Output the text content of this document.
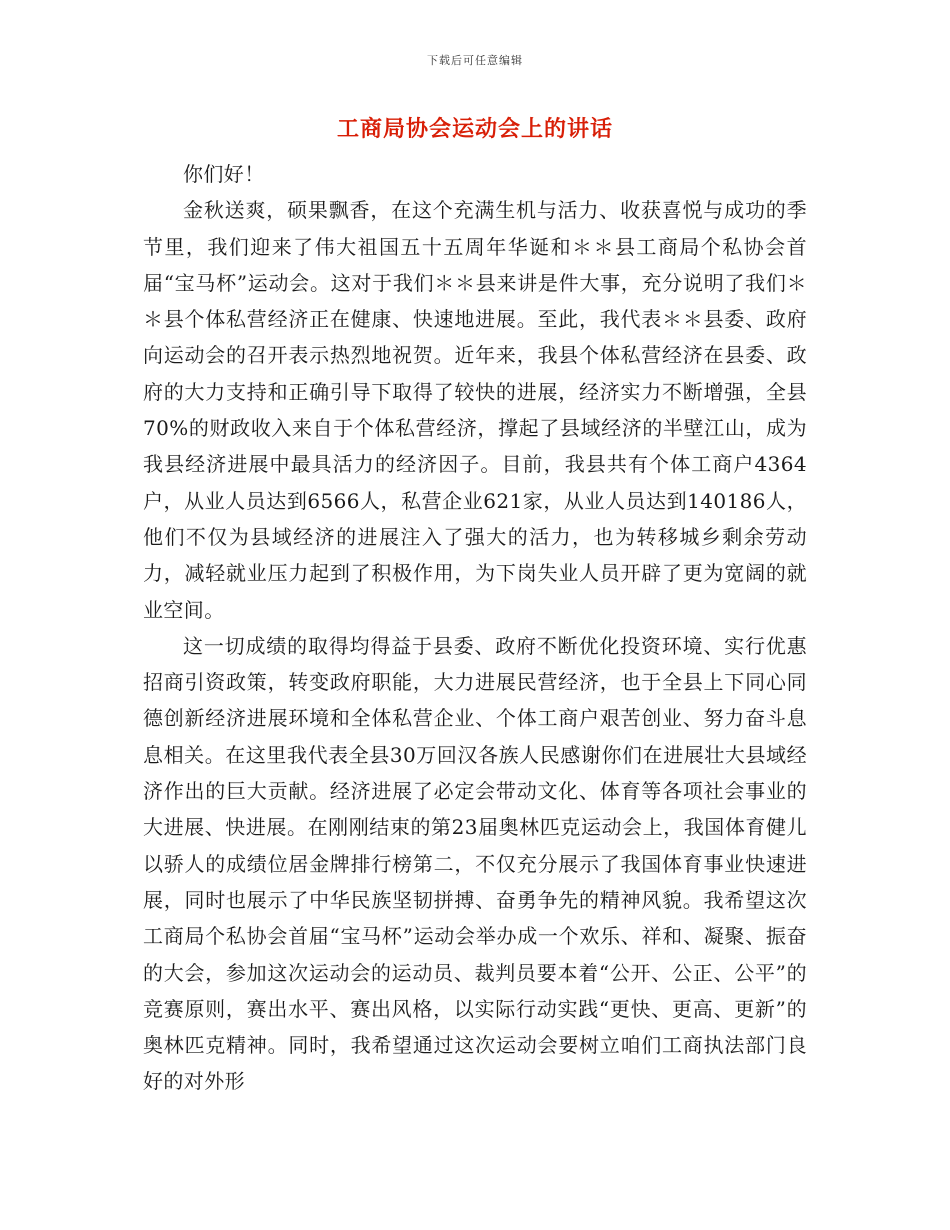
下载后可任意编辑
工商局协会运动会上的讲话

你们好！

金秋送爽，硕果飘香，在这个充满生机与活力、收获喜悦与成功的季节里，我们迎来了伟大祖国五十五周年华诞和＊＊县工商局个私协会首届“宝马杯”运动会。这对于我们＊＊县来讲是件大事，充分说明了我们＊＊县个体私营经济正在健康、快速地进展。至此，我代表＊＊县委、政府向运动会的召开表示热烈地祝贺。近年来，我县个体私营经济在县委、政府的大力支持和正确引导下取得了较快的进展，经济实力不断增强，全县70%的财政收入来自于个体私营经济，撑起了县域经济的半壁江山，成为我县经济进展中最具活力的经济因子。目前，我县共有个体工商户4364户，从业人员达到6566人，私营企业621家，从业人员达到140186人，他们不仅为县域经济的进展注入了强大的活力，也为转移城乡剩余劳动力，减轻就业压力起到了积极作用，为下岗失业人员开辟了更为宽阔的就业空间。

这一切成绩的取得均得益于县委、政府不断优化投资环境、实行优惠招商引资政策，转变政府职能，大力进展民营经济，也于全县上下同心同德创新经济进展环境和全体私营企业、个体工商户艰苦创业、努力奋斗息息相关。在这里我代表全县30万回汉各族人民感谢你们在进展壮大县域经济作出的巨大贡献。经济进展了必定会带动文化、体育等各项社会事业的大进展、快进展。在刚刚结束的第23届奥林匹克运动会上，我国体育健儿以骄人的成绩位居金牌排行榜第二，不仅充分展示了我国体育事业快速进展，同时也展示了中华民族坚韧拼搏、奋勇争先的精神风貌。我希望这次工商局个私协会首届“宝马杯”运动会举办成一个欢乐、祥和、凝聚、振奋的大会，参加这次运动会的运动员、裁判员要本着“公开、公正、公平”的竞赛原则，赛出水平、赛出风格，以实际行动实践“更快、更高、更新”的奥林匹克精神。同时，我希望通过这次运动会要树立咱们工商执法部门良好的对外形
